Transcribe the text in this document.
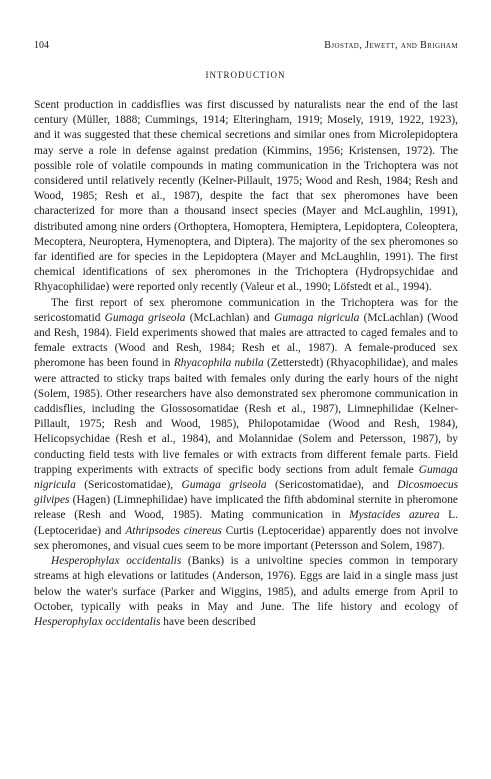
104	Bjostad, Jewett, and Brigham
INTRODUCTION

Scent production in caddisflies was first discussed by naturalists near the end of the last century (Müller, 1888; Cummings, 1914; Elteringham, 1919; Mosely, 1919, 1922, 1923), and it was suggested that these chemical secretions and similar ones from Microlepidoptera may serve a role in defense against predation (Kimmins, 1956; Kristensen, 1972). The possible role of volatile compounds in mating communication in the Trichoptera was not considered until relatively recently (Kelner-Pillault, 1975; Wood and Resh, 1984; Resh and Wood, 1985; Resh et al., 1987), despite the fact that sex pheromones have been characterized for more than a thousand insect species (Mayer and McLaughlin, 1991), distributed among nine orders (Orthoptera, Homoptera, Hemiptera, Lepidoptera, Coleoptera, Mecoptera, Neuroptera, Hymenoptera, and Diptera). The majority of the sex pheromones so far identified are for species in the Lepidoptera (Mayer and McLaughlin, 1991). The first chemical identifications of sex pheromones in the Trichoptera (Hydropsychidae and Rhyacophilidae) were reported only recently (Valeur et al., 1990; Löfstedt et al., 1994).

The first report of sex pheromone communication in the Trichoptera was for the sericostomatid Gumaga griseola (McLachlan) and Gumaga nigricula (McLachlan) (Wood and Resh, 1984). Field experiments showed that males are attracted to caged females and to female extracts (Wood and Resh, 1984; Resh et al., 1987). A female-produced sex pheromone has been found in Rhyacophila nubila (Zetterstedt) (Rhyacophilidae), and males were attracted to sticky traps baited with females only during the early hours of the night (Solem, 1985). Other researchers have also demonstrated sex pheromone communication in caddisflies, including the Glossosomatidae (Resh et al., 1987), Limnephilidae (Kelner-Pillault, 1975; Resh and Wood, 1985), Philopotamidae (Wood and Resh, 1984), Helicopsychidae (Resh et al., 1984), and Molannidae (Solem and Petersson, 1987), by conducting field tests with live females or with extracts from different female parts. Field trapping experiments with extracts of specific body sections from adult female Gumaga nigricula (Sericostomatidae), Gumaga griseola (Sericostomatidae), and Dicosmoecus gilvipes (Hagen) (Limnephilidae) have implicated the fifth abdominal sternite in pheromone release (Resh and Wood, 1985). Mating communication in Mystacides azurea L. (Leptoceridae) and Athripsodes cinereus Curtis (Leptoceridae) apparently does not involve sex pheromones, and visual cues seem to be more important (Petersson and Solem, 1987).

Hesperophylax occidentalis (Banks) is a univoltine species common in temporary streams at high elevations or latitudes (Anderson, 1976). Eggs are laid in a single mass just below the water's surface (Parker and Wiggins, 1985), and adults emerge from April to October, typically with peaks in May and June. The life history and ecology of Hesperophylax occidentalis have been described
